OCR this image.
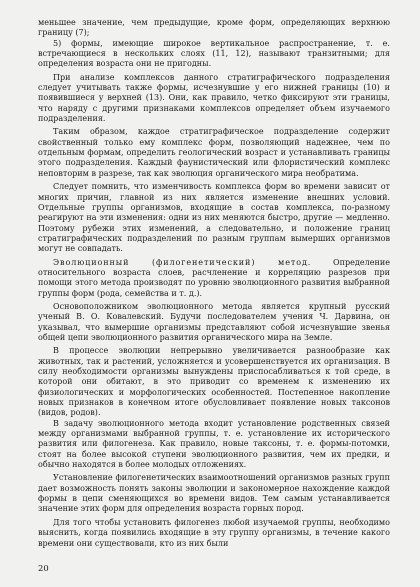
меньшее значение, чем предыдущие, кроме форм, определяющих верхнюю границу (7);

5) формы, имеющие широкое вертикальное распространение, т. е. встречающиеся в нескольких слоях (11, 12), называют транзитными; для определения возраста они не пригодны.

При анализе комплексов данного стратиграфического подразделения следует учитывать также формы, исчезнувшие у его нижней границы (10) и появившиеся у верхней (13). Они, как правило, четко фиксируют эти границы, что наряду с другими признаками комплексов определяет объем изучаемого подразделения.

Таким образом, каждое стратиграфическое подразделение содержит свойственный только ему комплекс форм, позволяющий надежнее, чем по отдельным формам, определить геологический возраст и устанавливать границы этого подразделения. Каждый фаунистический или флористический комплекс неповторим в разрезе, так как эволюция органического мира необратима.

Следует помнить, что изменчивость комплекса форм во времени зависит от многих причин, главной из них является изменение внешних условий. Отдельные группы организмов, входящие в состав комплекса, по-разному реагируют на эти изменения: одни из них меняются быстро, другие — медленно. Поэтому рубежи этих изменений, а следовательно, и положение границ стратиграфических подразделений по разным группам вымерших организмов могут не совпадать.

Эволюционный (филогенетический) метод.	Определение относительного возраста слоев, расчленение и корреляцию разрезов при помощи этого метода производят по уровню эволюционного развития выбранной группы форм (рода, семейства и т. д.).

Основоположником эволюционного метода является крупный русский ученый В. О. Ковалевский. Будучи последователем учения Ч. Дарвина, он указывал, что вымершие организмы представляют собой исчезнувшие звенья общей цепи эволюционного развития органического мира на Земле.

В процессе эволюции непрерывно увеличивается разнообразие как животных, так и растений, усложняется и усовершенствуется их организация. В силу необходимости организмы вынуждены приспосабливаться к той среде, в которой они обитают, в это приводит со временем к изменению их физиологических и морфологических особенностей. Постепенное накопление новых признаков в конечном итоге обусловливает появление новых таксонов (видов, родов).

В задачу эволюционного метода входит установление родственных связей между организмами выбранной группы, т. е. установление их исторического развития или филогенеза. Как правило, новые таксоны, т. е. формы-потомки, стоят на более высокой ступени эволюционного развития, чем их предки, и обычно находятся в более молодых отложениях.

Установление филогенетических взаимоотношений организмов разных групп дает возможность понять законы эволюции и закономерное нахождение каждой формы в цепи сменяющихся во времени видов. Тем самым устанавливается значение этих форм для определения возраста горных пород.

Для того чтобы установить филогенез любой изучаемой группы, необходимо выяснить, когда появились входящие в эту группу организмы, в течение какого времени они существовали, кто из них были

20
